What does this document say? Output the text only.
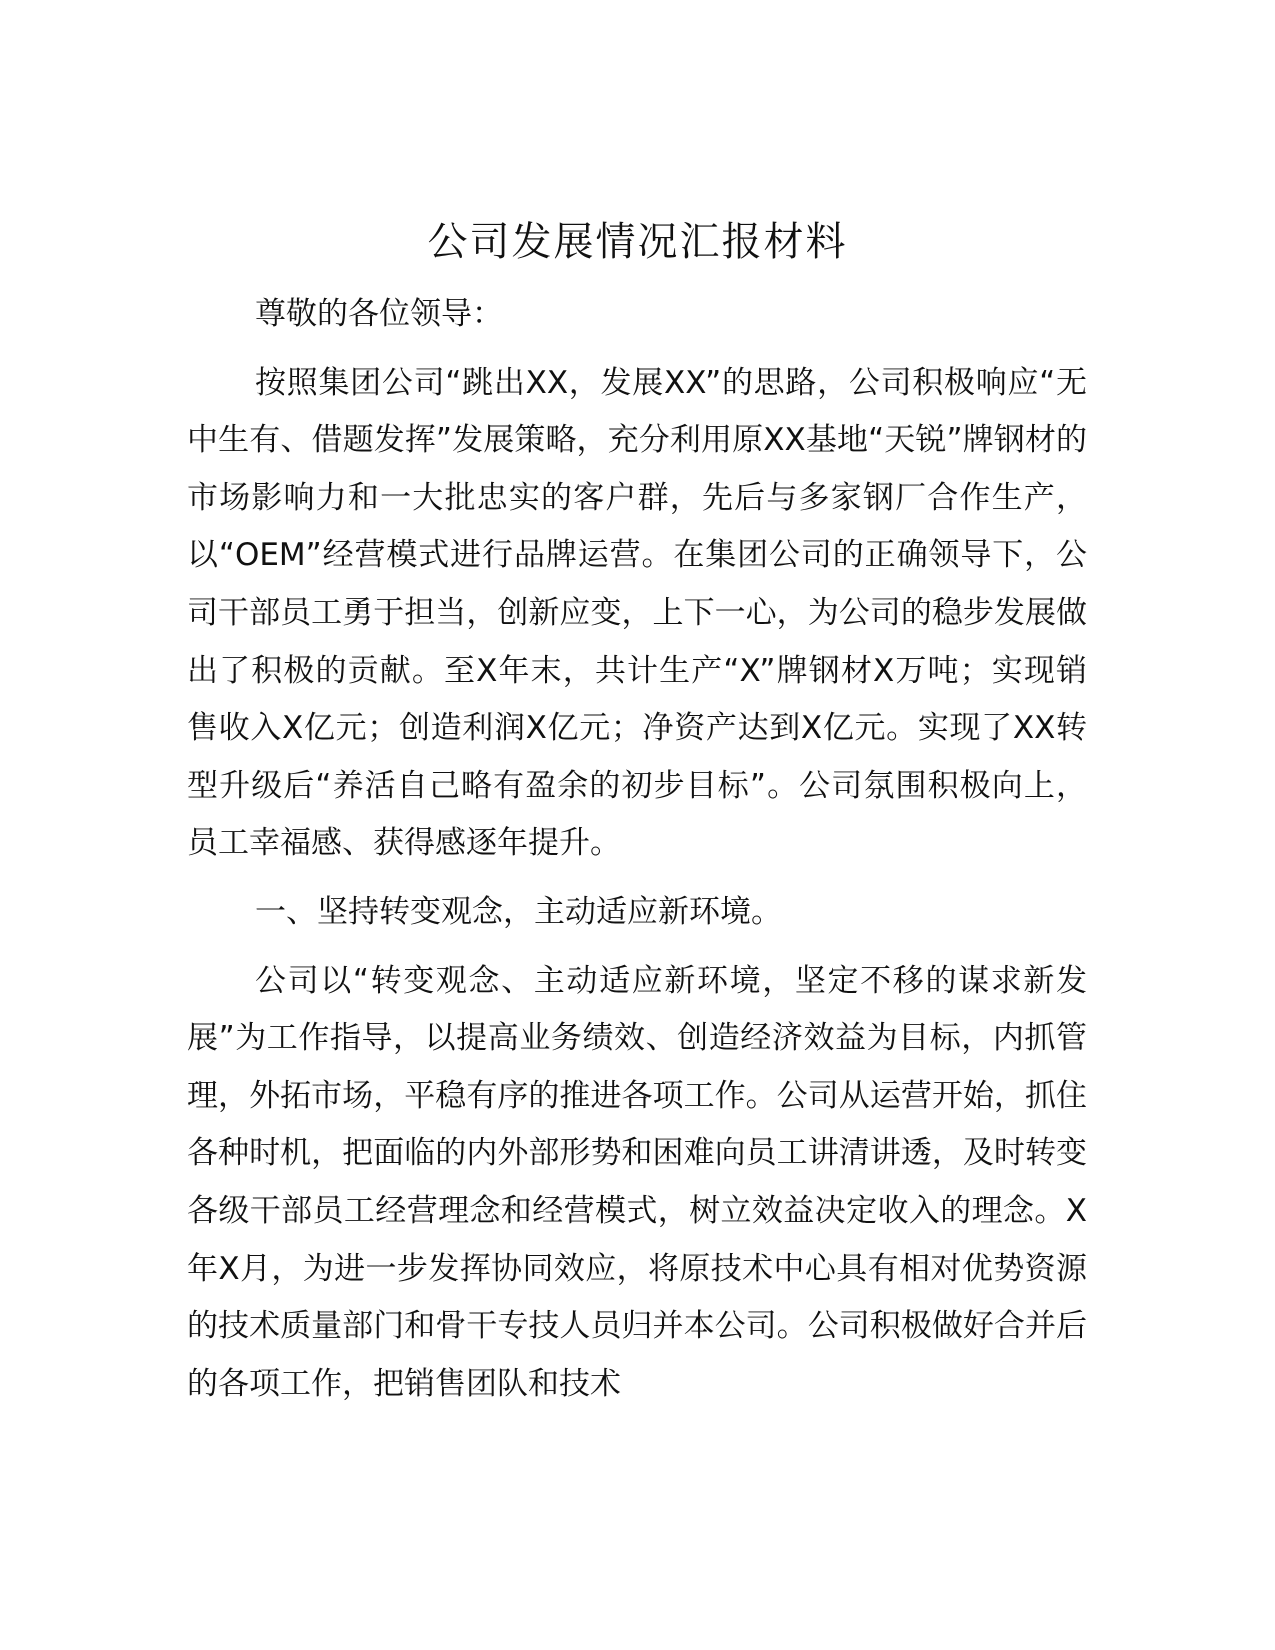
公司发展情况汇报材料

尊敬的各位领导：

按照集团公司“跳出XX，发展XX”的思路，公司积极响应“无中生有、借题发挥”发展策略，充分利用原XX基地“天锐”牌钢材的市场影响力和一大批忠实的客户群，先后与多家钢厂合作生产，以“OEM”经营模式进行品牌运营。在集团公司的正确领导下，公司干部员工勇于担当，创新应变，上下一心，为公司的稳步发展做出了积极的贡献。至X年末，共计生产“X”牌钢材X万吨；实现销售收入X亿元；创造利润X亿元；净资产达到X亿元。实现了XX转型升级后“养活自己略有盈余的初步目标”。公司氛围积极向上，员工幸福感、获得感逐年提升。

一、坚持转变观念，主动适应新环境。

公司以“转变观念、主动适应新环境，坚定不移的谋求新发展”为工作指导，以提高业务绩效、创造经济效益为目标，内抓管理，外拓市场，平稳有序的推进各项工作。公司从运营开始，抓住各种时机，把面临的内外部形势和困难向员工讲清讲透，及时转变各级干部员工经营理念和经营模式，树立效益决定收入的理念。X年X月，为进一步发挥协同效应，将原技术中心具有相对优势资源的技术质量部门和骨干专技人员归并本公司。公司积极做好合并后的各项工作，把销售团队和技术
